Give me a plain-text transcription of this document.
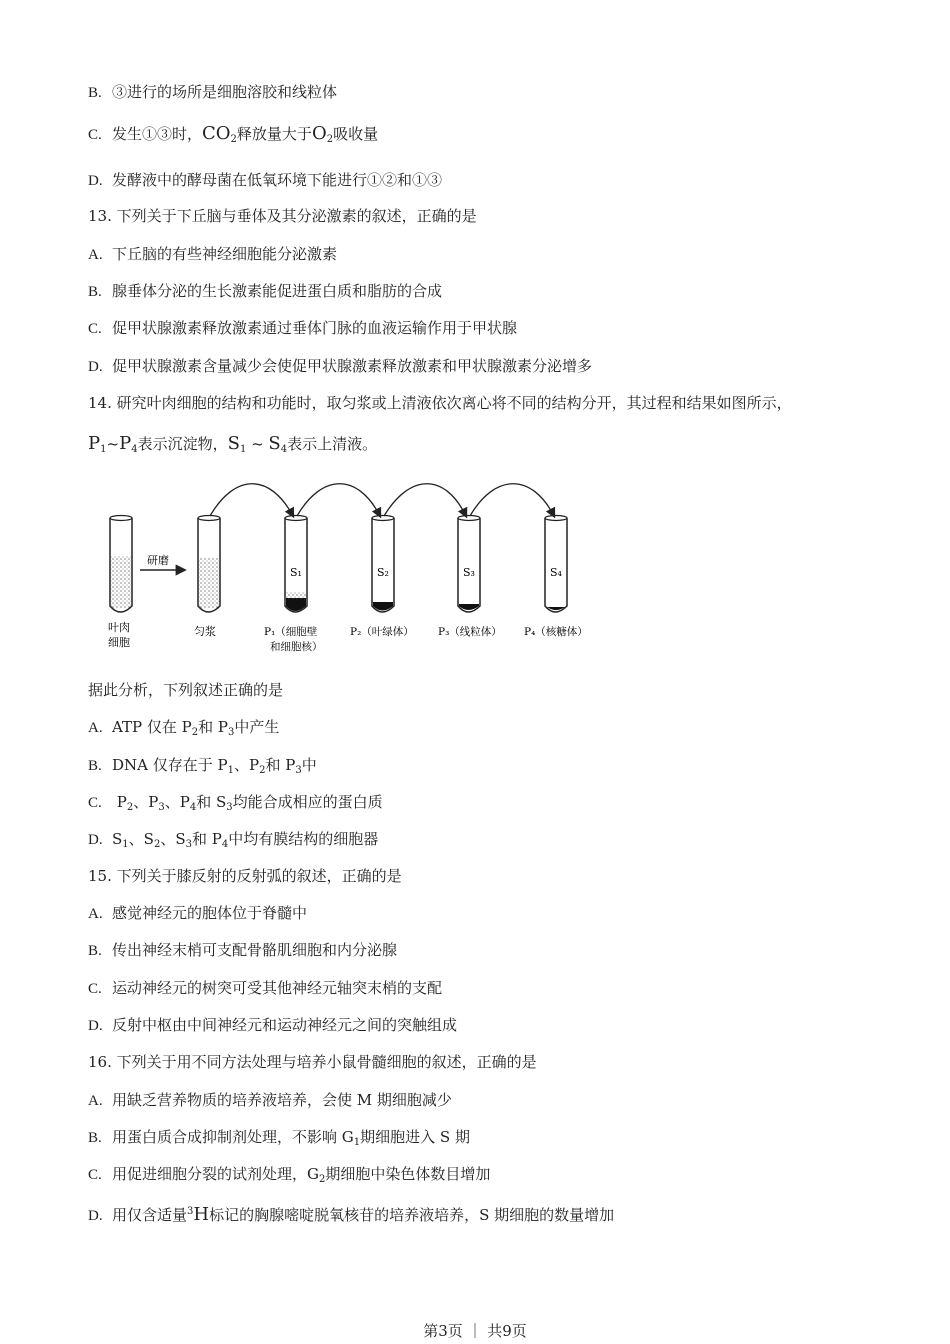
B. ③进行的场所是细胞溶胶和线粒体
C. 发生①③时，$CO_2$释放量大于$O_2$吸收量
D. 发酵液中的酵母菌在低氧环境下能进行①②和①③
13. 下列关于下丘脑与垂体及其分泌激素的叙述，正确的是
A. 下丘脑的有些神经细胞能分泌激素
B. 腺垂体分泌的生长激素能促进蛋白质和脂肪的合成
C. 促甲状腺激素释放激素通过垂体门脉的血液运输作用于甲状腺
D. 促甲状腺激素含量减少会使促甲状腺激素释放激素和甲状腺激素分泌增多
14. 研究叶肉细胞的结构和功能时，取匀浆或上清液依次离心将不同的结构分开，其过程和结果如图所示，
$P_1\sim P_4$表示沉淀物，$S_1$ ~ $S_4$表示上清液。
研磨
S₁	S₂	S₃	S₄
叶肉
细胞
匀浆	P₁（细胞壁
和细胞核）
P₂（叶绿体） P₃（线粒体） P₄（核糖体）
据此分析，下列叙述正确的是
A. ATP 仅在 $P_2$和 $P_3$中产生
B. DNA 仅存在于 $P_1$、$P_2$和 $P_3$中
C. $P_2$、$P_3$、$P_4$和 $S_3$均能合成相应的蛋白质
D. $S_1$、$S_2$、$S_3$和 $P_4$中均有膜结构的细胞器
15. 下列关于膝反射的反射弧的叙述，正确的是
A. 感觉神经元的胞体位于脊髓中
B. 传出神经末梢可支配骨骼肌细胞和内分泌腺
C. 运动神经元的树突可受其他神经元轴突末梢的支配
D. 反射中枢由中间神经元和运动神经元之间的突触组成
16. 下列关于用不同方法处理与培养小鼠骨髓细胞的叙述，正确的是
A. 用缺乏营养物质的培养液培养，会使 M 期细胞减少
B. 用蛋白质合成抑制剂处理，不影响 $G_1$期细胞进入 S 期
C. 用促进细胞分裂的试剂处理，$G_2$期细胞中染色体数目增加
D. 用仅含适量$^3$H标记的胸腺嘧啶脱氧核苷的培养液培养，S 期细胞的数量增加
第3页 ｜ 共9页
